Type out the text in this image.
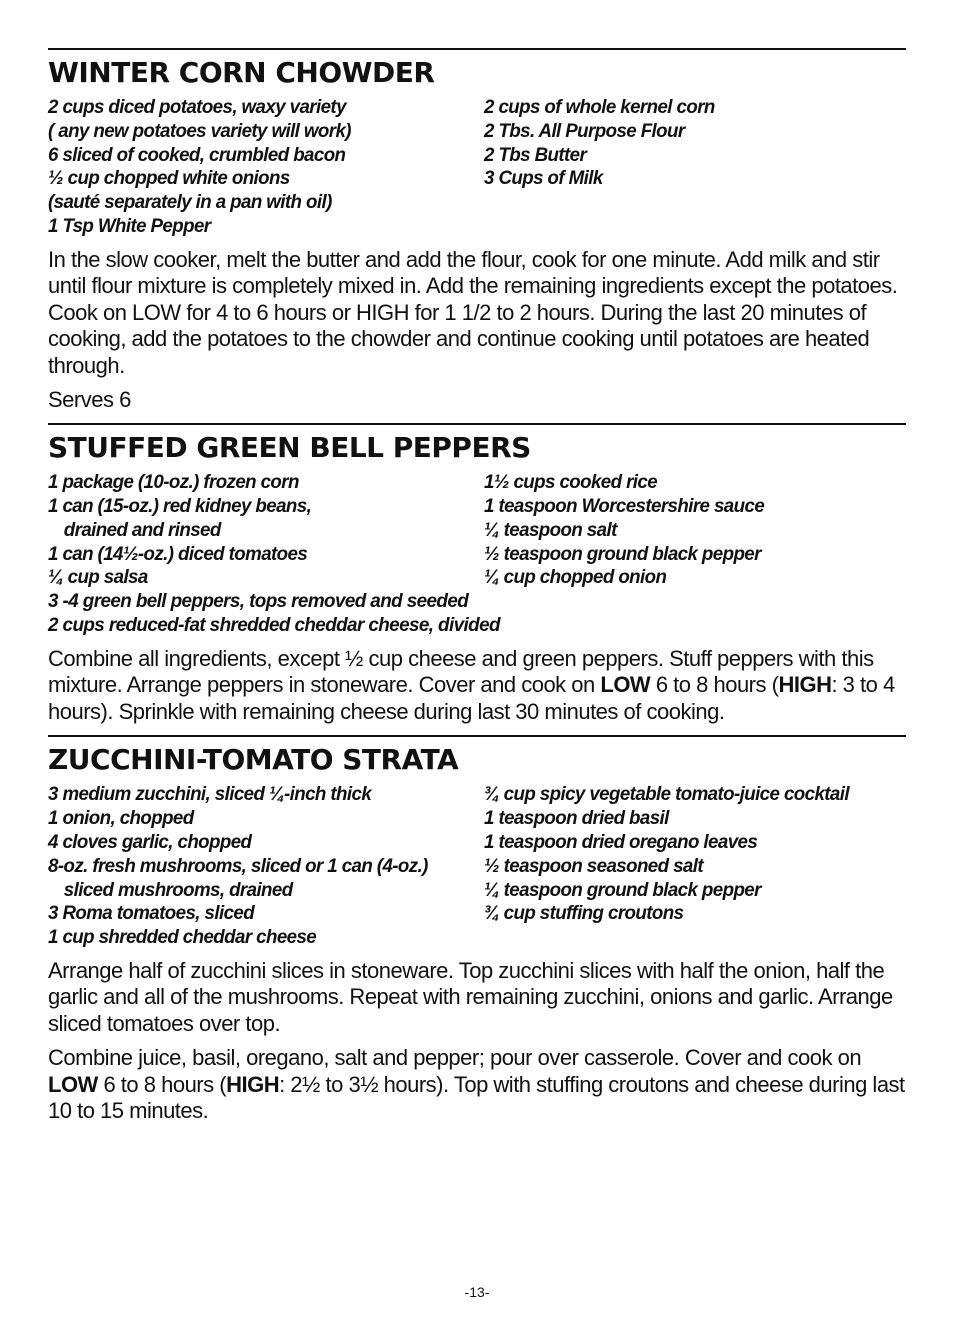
WINTER CORN CHOWDER
2 cups diced potatoes, waxy variety
( any new potatoes variety will work)
6 sliced of cooked, crumbled bacon
½ cup chopped white onions
(sauté separately in a pan with oil)
1 Tsp White Pepper
2 cups of whole kernel corn
2 Tbs. All Purpose Flour
2 Tbs Butter
3 Cups of Milk

In the slow cooker, melt the butter and add the flour, cook for one minute. Add milk and stir until flour mixture is completely mixed in. Add the remaining ingredients except the potatoes. Cook on LOW for 4 to 6 hours or HIGH for 1 1/2 to 2 hours. During the last 20 minutes of cooking, add the potatoes to the chowder and continue cooking until potatoes are heated through.

Serves 6
STUFFED GREEN BELL PEPPERS
1 package (10-oz.) frozen corn
1 can (15-oz.) red kidney beans,
drained and rinsed
1 can (14½-oz.) diced tomatoes
¼ cup salsa
1½ cups cooked rice
1 teaspoon Worcestershire sauce
¼ teaspoon salt
½ teaspoon ground black pepper
¼ cup chopped onion
3 -4 green bell peppers, tops removed and seeded
2 cups reduced-fat shredded cheddar cheese, divided

Combine all ingredients, except ½ cup cheese and green peppers. Stuff peppers with this mixture. Arrange peppers in stoneware. Cover and cook on LOW 6 to 8 hours (HIGH: 3 to 4 hours). Sprinkle with remaining cheese during last 30 minutes of cooking.

ZUCCHINI-TOMATO STRATA
3 medium zucchini, sliced ¼-inch thick
1 onion, chopped
4 cloves garlic, chopped
8-oz. fresh mushrooms, sliced or 1 can (4-oz.)
sliced mushrooms, drained
3 Roma tomatoes, sliced
1 cup shredded cheddar cheese
¾ cup spicy vegetable tomato-juice cocktail
1 teaspoon dried basil
1 teaspoon dried oregano leaves
½ teaspoon seasoned salt
¼ teaspoon ground black pepper
¾ cup stuffing croutons

Arrange half of zucchini slices in stoneware. Top zucchini slices with half the onion, half the garlic and all of the mushrooms. Repeat with remaining zucchini, onions and garlic. Arrange sliced tomatoes over top.

Combine juice, basil, oregano, salt and pepper; pour over casserole. Cover and cook on LOW 6 to 8 hours (HIGH: 2½ to 3½ hours). Top with stuffing croutons and cheese during last 10 to 15 minutes.

-13-
